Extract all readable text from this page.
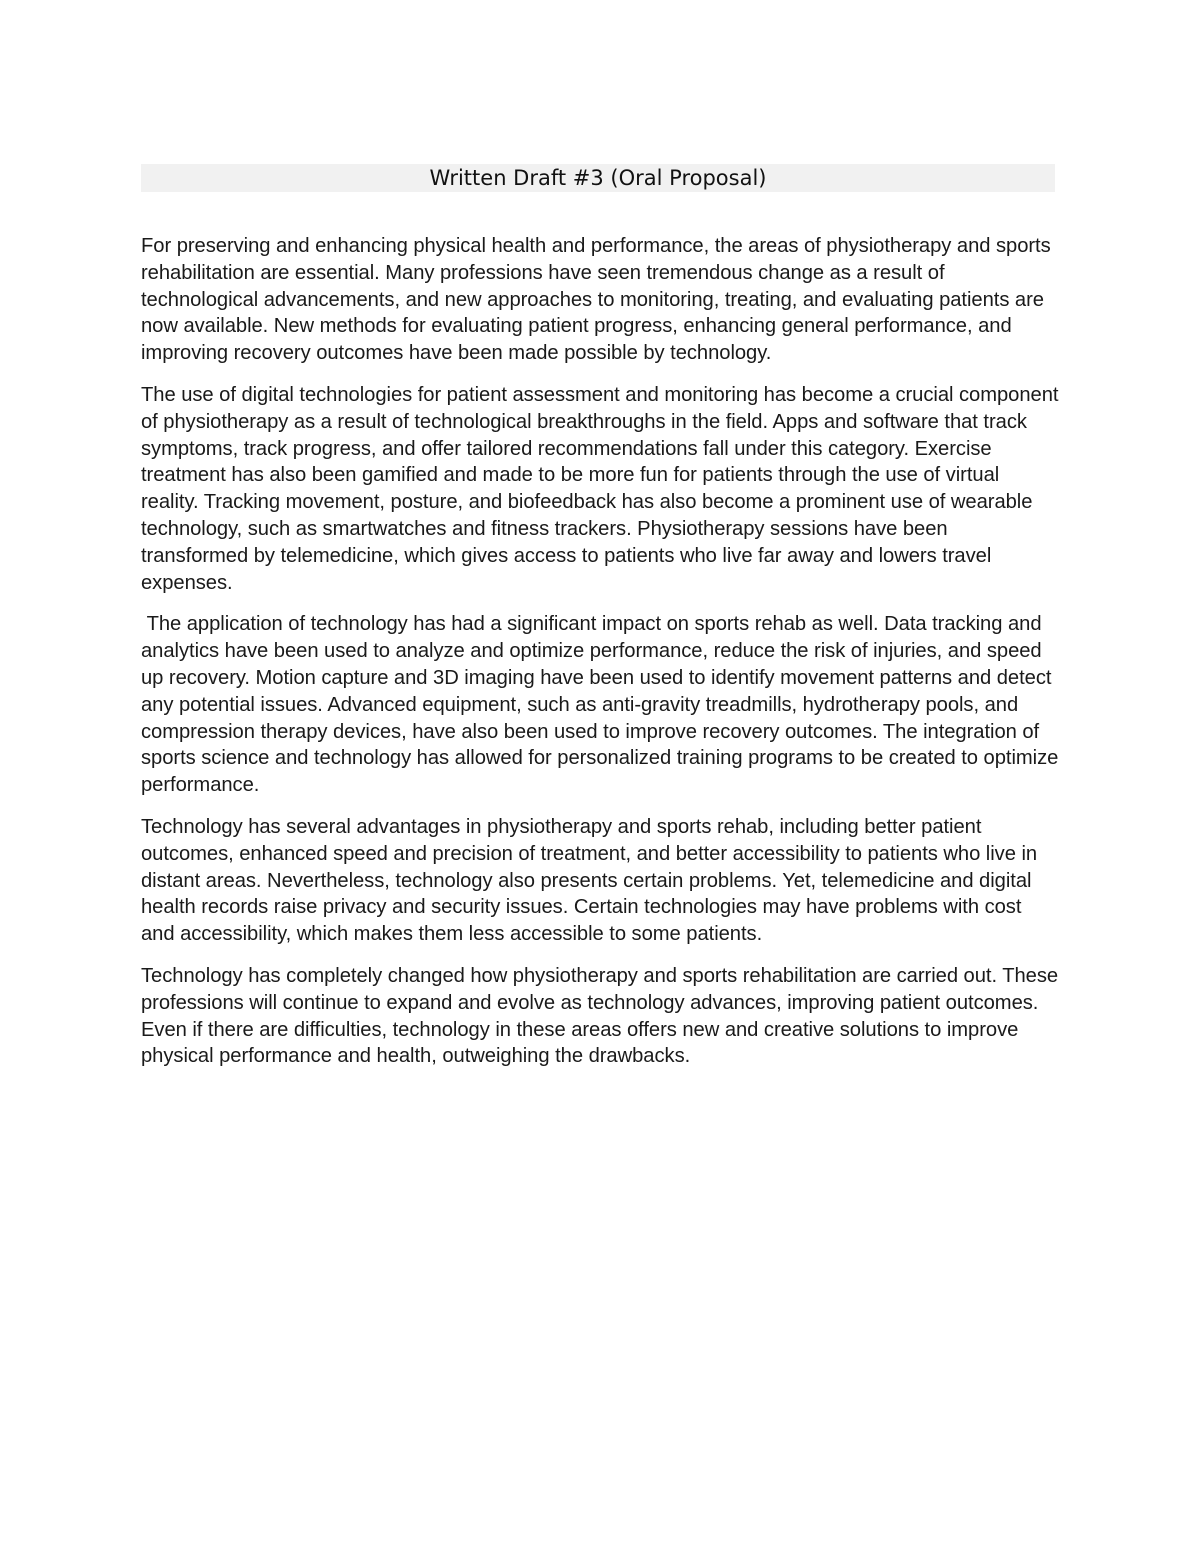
Written Draft #3 (Oral Proposal)

For preserving and enhancing physical health and performance, the areas of physiotherapy and sports rehabilitation are essential. Many professions have seen tremendous change as a result of technological advancements, and new approaches to monitoring, treating, and evaluating patients are now available. New methods for evaluating patient progress, enhancing general performance, and improving recovery outcomes have been made possible by technology.

The use of digital technologies for patient assessment and monitoring has become a crucial component of physiotherapy as a result of technological breakthroughs in the field. Apps and software that track symptoms, track progress, and offer tailored recommendations fall under this category. Exercise treatment has also been gamified and made to be more fun for patients through the use of virtual reality. Tracking movement, posture, and biofeedback has also become a prominent use of wearable technology, such as smartwatches and fitness trackers. Physiotherapy sessions have been transformed by telemedicine, which gives access to patients who live far away and lowers travel expenses.

The application of technology has had a significant impact on sports rehab as well. Data tracking and analytics have been used to analyze and optimize performance, reduce the risk of injuries, and speed up recovery. Motion capture and 3D imaging have been used to identify movement patterns and detect any potential issues. Advanced equipment, such as anti-gravity treadmills, hydrotherapy pools, and compression therapy devices, have also been used to improve recovery outcomes. The integration of sports science and technology has allowed for personalized training programs to be created to optimize performance.

Technology has several advantages in physiotherapy and sports rehab, including better patient outcomes, enhanced speed and precision of treatment, and better accessibility to patients who live in distant areas. Nevertheless, technology also presents certain problems. Yet, telemedicine and digital health records raise privacy and security issues. Certain technologies may have problems with cost and accessibility, which makes them less accessible to some patients.

Technology has completely changed how physiotherapy and sports rehabilitation are carried out. These professions will continue to expand and evolve as technology advances, improving patient outcomes. Even if there are difficulties, technology in these areas offers new and creative solutions to improve physical performance and health, outweighing the drawbacks.
